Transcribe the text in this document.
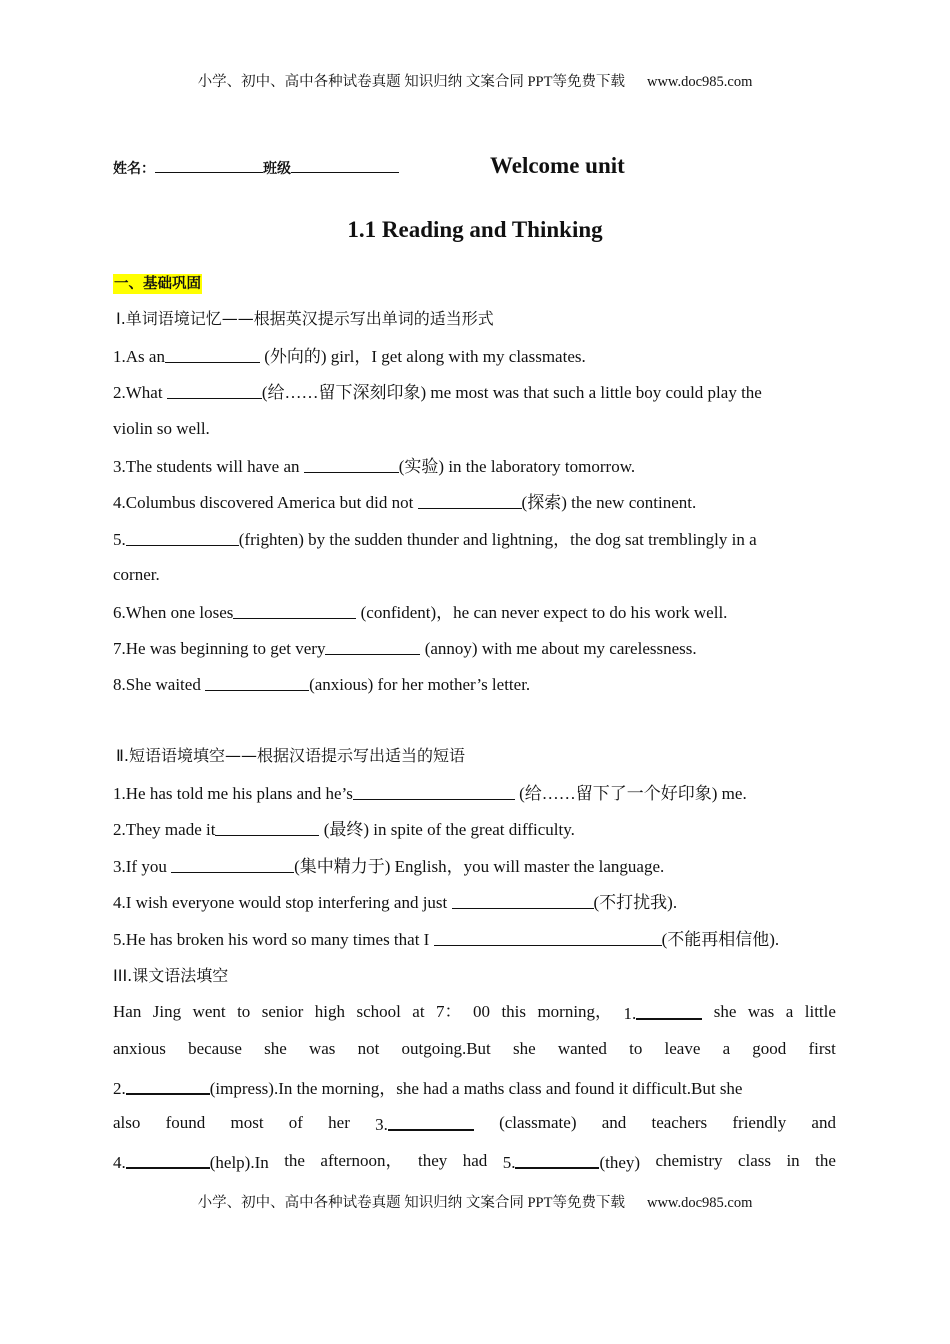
小学、初中、高中各种试卷真题 知识归纳 文案合同 PPT等免费下载 www.doc985.com
姓名：	班级	Welcome unit
1.1 Reading and Thinking
一、基础巩固
Ⅰ.单词语境记忆——根据英汉提示写出单词的适当形式
1.As an	(外向的) girl，I get along with my classmates.
2.What	(给……留下深刻印象) me most was that such a little boy could play the
violin so well.
3.The students will have an	(实验) in the laboratory tomorrow.
4.Columbus discovered America but did not	(探索) the new continent.
5.	(frighten) by the sudden thunder and lightning，the dog sat tremblingly in a
corner.
6.When one loses	(confident)，he can never expect to do his work well.
7.He was beginning to get very	(annoy) with me about my carelessness.
8.She waited	(anxious) for her mother’s letter.
Ⅱ.短语语境填空——根据汉语提示写出适当的短语
1.He has told me his plans and he’s	(给……留下了一个好印象) me.
2.They made it	(最终) in spite of the great difficulty.
3.If you	(集中精力于) English，you will master the language.
4.I wish everyone would stop interfering and just	(不打扰我).
5.He has broken his word so many times that I	(不能再相信他).
III.课文语法填空
Han Jing went to senior high school at 7： 00 this morning， 1.	she was a little
anxious because she was not outgoing.But she wanted to leave a good first
2.	(impress).In the morning，she had a maths class and found it difficult.But she
also found most of her 3.	(classmate) and teachers friendly and
4.	(help).In the afternoon， they had 5.	(they) chemistry class in the
小学、初中、高中各种试卷真题 知识归纳 文案合同 PPT等免费下载 www.doc985.com
